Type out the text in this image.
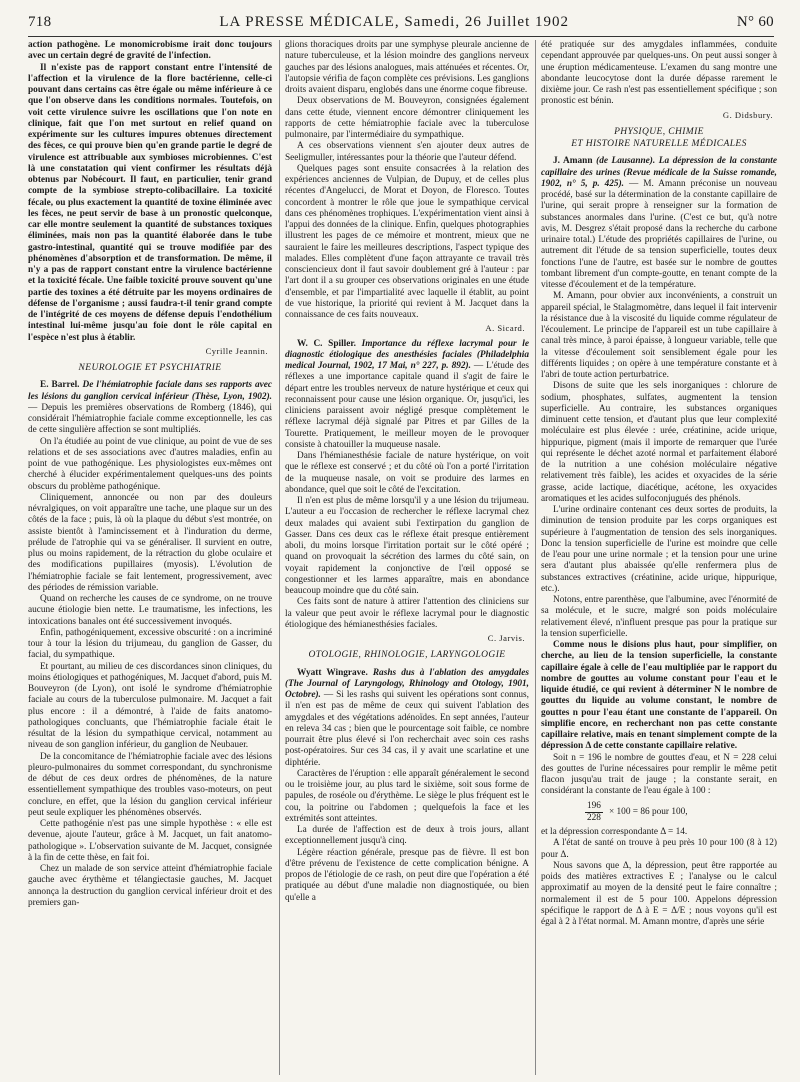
718	LA PRESSE MÉDICALE, Samedi, 26 Juillet 1902	N° 60

action pathogène. Le monomicrobisme irait donc toujours avec un certain degré de gravité de l'infection.

Il n'existe pas de rapport constant entre l'intensité de l'affection et la virulence de la flore bactérienne, celle-ci pouvant dans certains cas être égale ou même inférieure à ce que l'on observe dans les conditions normales. Toutefois, on voit cette virulence suivre les oscillations que l'on note en clinique, fait que l'on met surtout en relief quand on expérimente sur les cultures impures obtenues directement des fèces, ce qui prouve bien qu'en grande partie le degré de virulence est attribuable aux symbioses microbiennes. C'est là une constatation qui vient confirmer les résultats déjà obtenus par Nobécourt. Il faut, en particulier, tenir grand compte de la symbiose strepto-colibacillaire. La toxicité fécale, ou plus exactement la quantité de toxine éliminée avec les fèces, ne peut servir de base à un pronostic quelconque, car elle montre seulement la quantité de substances toxiques éliminées, mais non pas la quantité élaborée dans le tube gastro-intestinal, quantité qui se trouve modifiée par des phénomènes d'absorption et de transformation. De même, il n'y a pas de rapport constant entre la virulence bactérienne et la toxicité fécale. Une faible toxicité prouve souvent qu'une partie des toxines a été détruite par les moyens ordinaires de défense de l'organisme ; aussi faudra-t-il tenir grand compte de l'intégrité de ces moyens de défense depuis l'endothélium intestinal lui-même jusqu'au foie dont le rôle capital en l'espèce n'est plus à établir.

Cyrille Jeannin.

NEUROLOGIE ET PSYCHIATRIE

E. Barrel. De l'hémiatrophie faciale dans ses rapports avec les lésions du ganglion cervical inférieur (Thèse, Lyon, 1902). — Depuis les premières observations de Romberg (1846), qui considérait l'hémiatrophie faciale comme exceptionnelle, les cas de cette singulière affection se sont multipliés.

On l'a étudiée au point de vue clinique, au point de vue de ses relations et de ses associations avec d'autres maladies, enfin au point de vue pathogénique. Les physiologistes eux-mêmes ont cherché à élucider expérimentalement quelques-uns des points obscurs du problème pathogénique.

Cliniquement, annoncée ou non par des douleurs névralgiques, on voit apparaître une tache, une plaque sur un des côtés de la face ; puis, là où la plaque du début s'est montrée, on assiste bientôt à l'amincissement et à l'induration du derme, prélude de l'atrophie qui va se généraliser. Il survient en outre, plus ou moins rapidement, de la rétraction du globe oculaire et des modifications pupillaires (myosis). L'évolution de l'hémiatrophie faciale se fait lentement, progressivement, avec des périodes de rémission variable.

Quand on recherche les causes de ce syndrome, on ne trouve aucune étiologie bien nette. Le traumatisme, les infections, les intoxications banales ont été successivement invoqués.

Enfin, pathogéniquement, excessive obscurité : on a incriminé tour à tour la lésion du trijumeau, du ganglion de Gasser, du facial, du sympathique.

Et pourtant, au milieu de ces discordances sinon cliniques, du moins étiologiques et pathogéniques, M. Jacquet d'abord, puis M. Bouveyron (de Lyon), ont isolé le syndrome d'hémiatrophie faciale au cours de la tuberculose pulmonaire. M. Jacquet a fait plus encore : il a démontré, à l'aide de faits anatomo-pathologiques concluants, que l'hémiatrophie faciale était le résultat de la lésion du sympathique cervical, notamment au niveau de son ganglion inférieur, du ganglion de Neubauer.

De la concomitance de l'hémiatrophie faciale avec des lésions pleuro-pulmonaires du sommet correspondant, du synchronisme de début de ces deux ordres de phénomènes, de la nature essentiellement sympathique des troubles vaso-moteurs, on peut conclure, en effet, que la lésion du ganglion cervical inférieur peut seule expliquer les phénomènes observés.

Cette pathogénie n'est pas une simple hypothèse : « elle est devenue, ajoute l'auteur, grâce à M. Jacquet, un fait anatomo-pathologique ». L'observation suivante de M. Jacquet, consignée à la fin de cette thèse, en fait foi.

Chez un malade de son service atteint d'hémiatrophie faciale gauche avec érythème et télangiectasie gauches, M. Jacquet annonça la destruction du ganglion cervical inférieur droit et des premiers gan-

glions thoraciques droits par une symphyse pleurale ancienne de nature tuberculeuse, et la lésion moindre des ganglions nerveux gauches par des lésions analogues, mais atténuées et récentes. Or, l'autopsie vérifia de façon complète ces prévisions. Les ganglions droits avaient disparu, englobés dans une énorme coque fibreuse.

Deux observations de M. Bouveyron, consignées également dans cette étude, viennent encore démontrer cliniquement les rapports de cette hémiatrophie faciale avec la tuberculose pulmonaire, par l'intermédiaire du sympathique.

A ces observations viennent s'en ajouter deux autres de Seeligmuller, intéressantes pour la théorie que l'auteur défend.

Quelques pages sont ensuite consacrées à la relation des expériences anciennes de Vulpian, de Dupuy, et de celles plus récentes d'Angelucci, de Morat et Doyon, de Floresco. Toutes concordent à montrer le rôle que joue le sympathique cervical dans ces phénomènes trophiques. L'expérimentation vient ainsi à l'appui des données de la clinique. Enfin, quelques photographies illustrent les pages de ce mémoire et montrent, mieux que ne sauraient le faire les meilleures descriptions, l'aspect typique des malades. Elles complètent d'une façon attrayante ce travail très consciencieux dont il faut savoir doublement gré à l'auteur : par l'art dont il a su grouper ces observations originales en une étude d'ensemble, et par l'impartialité avec laquelle il établit, au point de vue historique, la priorité qui revient à M. Jacquet dans la connaissance de ces faits nouveaux.

A. Sicard.

W. C. Spiller. Importance du réflexe lacrymal pour le diagnostic étiologique des anesthésies faciales (Philadelphia medical Journal, 1902, 17 Mai, n° 227, p. 892). — L'étude des réflexes a une importance capitale quand il s'agit de faire le départ entre les troubles nerveux de nature hystérique et ceux qui reconnaissent pour cause une lésion organique. Or, jusqu'ici, les cliniciens paraissent avoir négligé presque complètement le réflexe lacrymal déjà signalé par Pitres et par Gilles de la Tourette. Pratiquement, le meilleur moyen de le provoquer consiste à chatouiller la muqueuse nasale.

Dans l'hémianesthésie faciale de nature hystérique, on voit que le réflexe est conservé ; et du côté où l'on a porté l'irritation de la muqueuse nasale, on voit se produire des larmes en abondance, quel que soit le côté de l'excitation.

Il n'en est plus de même lorsqu'il y a une lésion du trijumeau. L'auteur a eu l'occasion de rechercher le réflexe lacrymal chez deux malades qui avaient subi l'extirpation du ganglion de Gasser. Dans ces deux cas le réflexe était presque entièrement aboli, du moins lorsque l'irritation portait sur le côté opéré ; quand on provoquait la sécrétion des larmes du côté sain, on voyait rapidement la conjonctive de l'œil opposé se congestionner et les larmes apparaître, mais en abondance beaucoup moindre que du côté sain.

Ces faits sont de nature à attirer l'attention des cliniciens sur la valeur que peut avoir le réflexe lacrymal pour le diagnostic étiologique des hémianesthésies faciales.

C. Jarvis.

OTOLOGIE, RHINOLOGIE, LARYNGOLOGIE

Wyatt Wingrave. Rashs dus à l'ablation des amygdales (The Journal of Laryngology, Rhinology and Otology, 1901, Octobre). — Si les rashs qui suivent les opérations sont connus, il n'en est pas de même de ceux qui suivent l'ablation des amygdales et des végétations adénoïdes. En sept années, l'auteur en releva 34 cas ; bien que le pourcentage soit faible, ce nombre pourrait être plus élevé si l'on recherchait avec soin ces rashs post-opératoires. Sur ces 34 cas, il y avait une scarlatine et une diphtérie.

Caractères de l'éruption : elle apparaît généralement le second ou le troisième jour, au plus tard le sixième, soit sous forme de papules, de roséole ou d'érythème. Le siège le plus fréquent est le cou, la poitrine ou l'abdomen ; quelquefois la face et les extrémités sont atteintes.

La durée de l'affection est de deux à trois jours, allant exceptionnellement jusqu'à cinq.

Légère réaction générale, presque pas de fièvre. Il est bon d'être prévenu de l'existence de cette complication bénigne. A propos de l'étiologie de ce rash, on peut dire que l'opération a été pratiquée au début d'une maladie non diagnostiquée, ou bien qu'elle a

été pratiquée sur des amygdales inflammées, conduite cependant approuvée par quelques-uns. On peut aussi songer à une éruption médicamenteuse. L'examen du sang montre une abondante leucocytose dont la durée dépasse rarement le dixième jour. Ce rash n'est pas essentiellement spécifique ; son pronostic est bénin.

G. Didsbury.

PHYSIQUE, CHIMIE

ET HISTOIRE NATURELLE MÉDICALES

J. Amann (de Lausanne). La dépression de la constante capillaire des urines (Revue médicale de la Suisse romande, 1902, n° 5, p. 425). — M. Amann préconise un nouveau procédé, basé sur la détermination de la constante capillaire de l'urine, qui serait propre à renseigner sur la formation de substances anormales dans l'urine. (C'est ce but, qu'à notre avis, M. Desgrez s'était proposé dans la recherche du carbone urinaire total.) L'étude des propriétés capillaires de l'urine, ou autrement dit l'étude de sa tension superficielle, toutes deux fonctions l'une de l'autre, est basée sur le nombre de gouttes tombant librement d'un compte-goutte, en tenant compte de la vitesse d'écoulement et de la température.

M. Amann, pour obvier aux inconvénients, a construit un appareil spécial, le Stalagmomètre, dans lequel il fait intervenir la résistance due à la viscosité du liquide comme régulateur de l'écoulement. Le principe de l'appareil est un tube capillaire à canal très mince, à paroi épaisse, à longueur variable, telle que la vitesse d'écoulement soit sensiblement égale pour les différents liquides ; on opère à une température constante et à l'abri de toute action perturbatrice.

Disons de suite que les sels inorganiques : chlorure de sodium, phosphates, sulfates, augmentent la tension superficielle. Au contraire, les substances organiques diminuent cette tension, et d'autant plus que leur complexité moléculaire est plus élevée : urée, créatinine, acide urique, hippurique, pigment (mais il importe de remarquer que l'urée qui représente le déchet azoté normal et parfaitement élaboré de la nutrition a une cohésion moléculaire négative relativement très faible), les acides et oxyacides de la série grasse, acide lactique, diacétique, acétone, les oxyacides aromatiques et les acides sulfoconjugués des phénols.

L'urine ordinaire contenant ces deux sortes de produits, la diminution de tension produite par les corps organiques est supérieure à l'augmentation de tension des sels inorganiques. Donc la tension superficielle de l'urine est moindre que celle de l'eau pour une urine normale ; et la tension pour une urine sera d'autant plus abaissée qu'elle renfermera plus de substances extractives (créatinine, acide urique, hippurique, etc.).

Notons, entre parenthèse, que l'albumine, avec l'énormité de sa molécule, et le sucre, malgré son poids moléculaire relativement élevé, n'influent presque pas pour la pratique sur la tension superficielle.

Comme nous le disions plus haut, pour simplifier, on cherche, au lieu de la tension superficielle, la constante capillaire égale à celle de l'eau multipliée par le rapport du nombre de gouttes au volume constant pour l'eau et le liquide étudié, ce qui revient à déterminer N le nombre de gouttes du liquide au volume constant, le nombre de gouttes n pour l'eau étant une constante de l'appareil. On simplifie encore, en recherchant non pas cette constante capillaire relative, mais en tenant simplement compte de la dépression Δ de cette constante capillaire relative.

Soit n = 196 le nombre de gouttes d'eau, et N = 228 celui des gouttes de l'urine nécessaires pour remplir le même petit flacon jusqu'au trait de jauge ; la constante serait, en considérant la constante de l'eau égale à 100 :

$\frac{196}{228} \times 100 = 86$ pour 100,

et la dépression correspondante Δ = 14.

A l'état de santé on trouve à peu près 10 pour 100 (8 à 12) pour Δ.

Nous savons que Δ, la dépression, peut être rapportée au poids des matières extractives E ; l'analyse ou le calcul approximatif au moyen de la densité peut le faire connaître ; normalement il est de 5 pour 100. Appelons dépression spécifique le rapport de Δ à E = Δ/E ; nous voyons qu'il est égal à 2 à l'état normal. M. Amann montre, d'après une série
